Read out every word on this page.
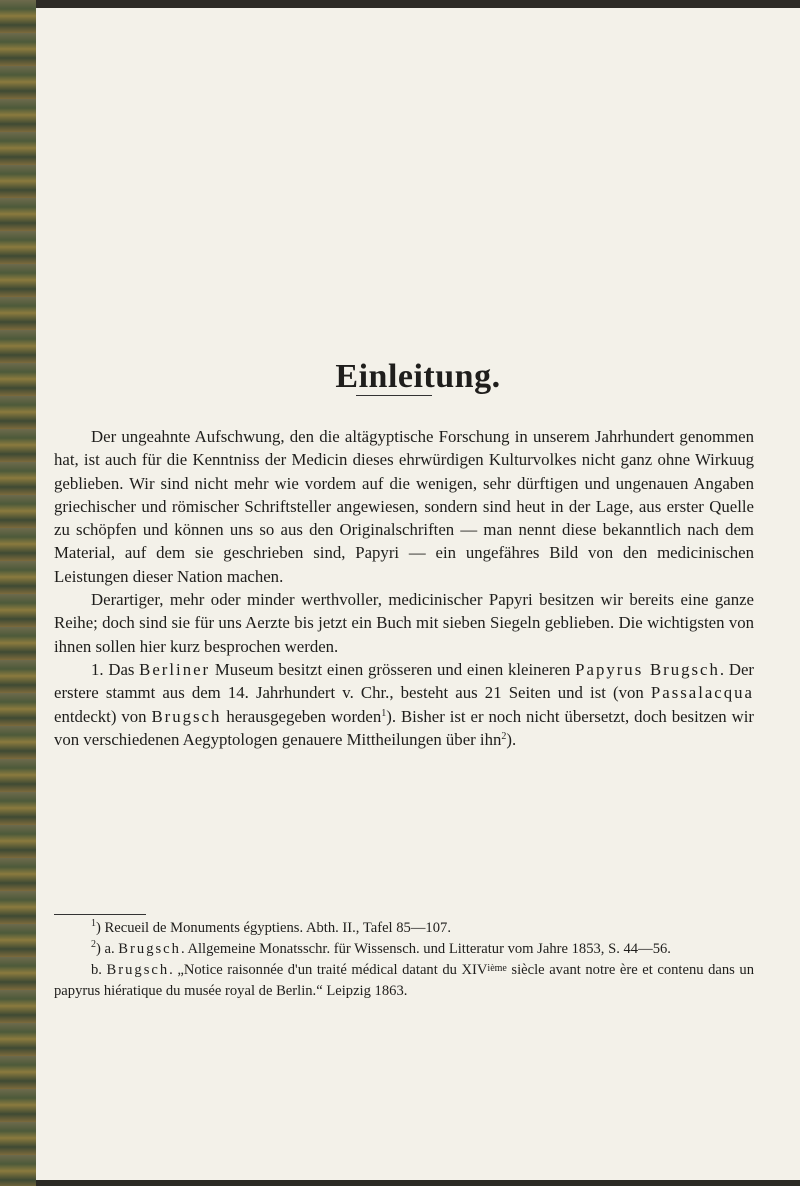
Einleitung.

Der ungeahnte Aufschwung, den die altägyptische Forschung in unserem Jahrhundert genommen hat, ist auch für die Kenntniss der Medicin dieses ehrwürdigen Kulturvolkes nicht ganz ohne Wirkuug geblieben. Wir sind nicht mehr wie vordem auf die wenigen, sehr dürftigen und ungenauen Angaben griechischer und römischer Schriftsteller angewiesen, sondern sind heut in der Lage, aus erster Quelle zu schöpfen und können uns so aus den Originalschriften — man nennt diese bekanntlich nach dem Material, auf dem sie geschrieben sind, Papyri — ein ungefähres Bild von den medicinischen Leistungen dieser Nation machen.

Derartiger, mehr oder minder werthvoller, medicinischer Papyri besitzen wir bereits eine ganze Reihe; doch sind sie für uns Aerzte bis jetzt ein Buch mit sieben Siegeln geblieben. Die wichtigsten von ihnen sollen hier kurz besprochen werden.

1. Das Berliner Museum besitzt einen grösseren und einen kleineren Papyrus Brugsch. Der erstere stammt aus dem 14. Jahrhundert v. Chr., besteht aus 21 Seiten und ist (von Passalacqua entdeckt) von Brugsch herausgegeben worden$^1$). Bisher ist er noch nicht übersetzt, doch besitzen wir von verschiedenen Aegyptologen genauere Mittheilungen über ihn$^2$).

$^1$) Recueil de Monuments égyptiens. Abth. II., Tafel 85—107.

$^2$) a. Brugsch. Allgemeine Monatsschr. für Wissensch. und Litteratur vom Jahre 1853, S. 44—56.

b. Brugsch. „Notice raisonnée d'un traité médical datant du XIVième siècle avant notre ère et contenu dans un papyrus hiératique du musée royal de Berlin.“ Leipzig 1863.
